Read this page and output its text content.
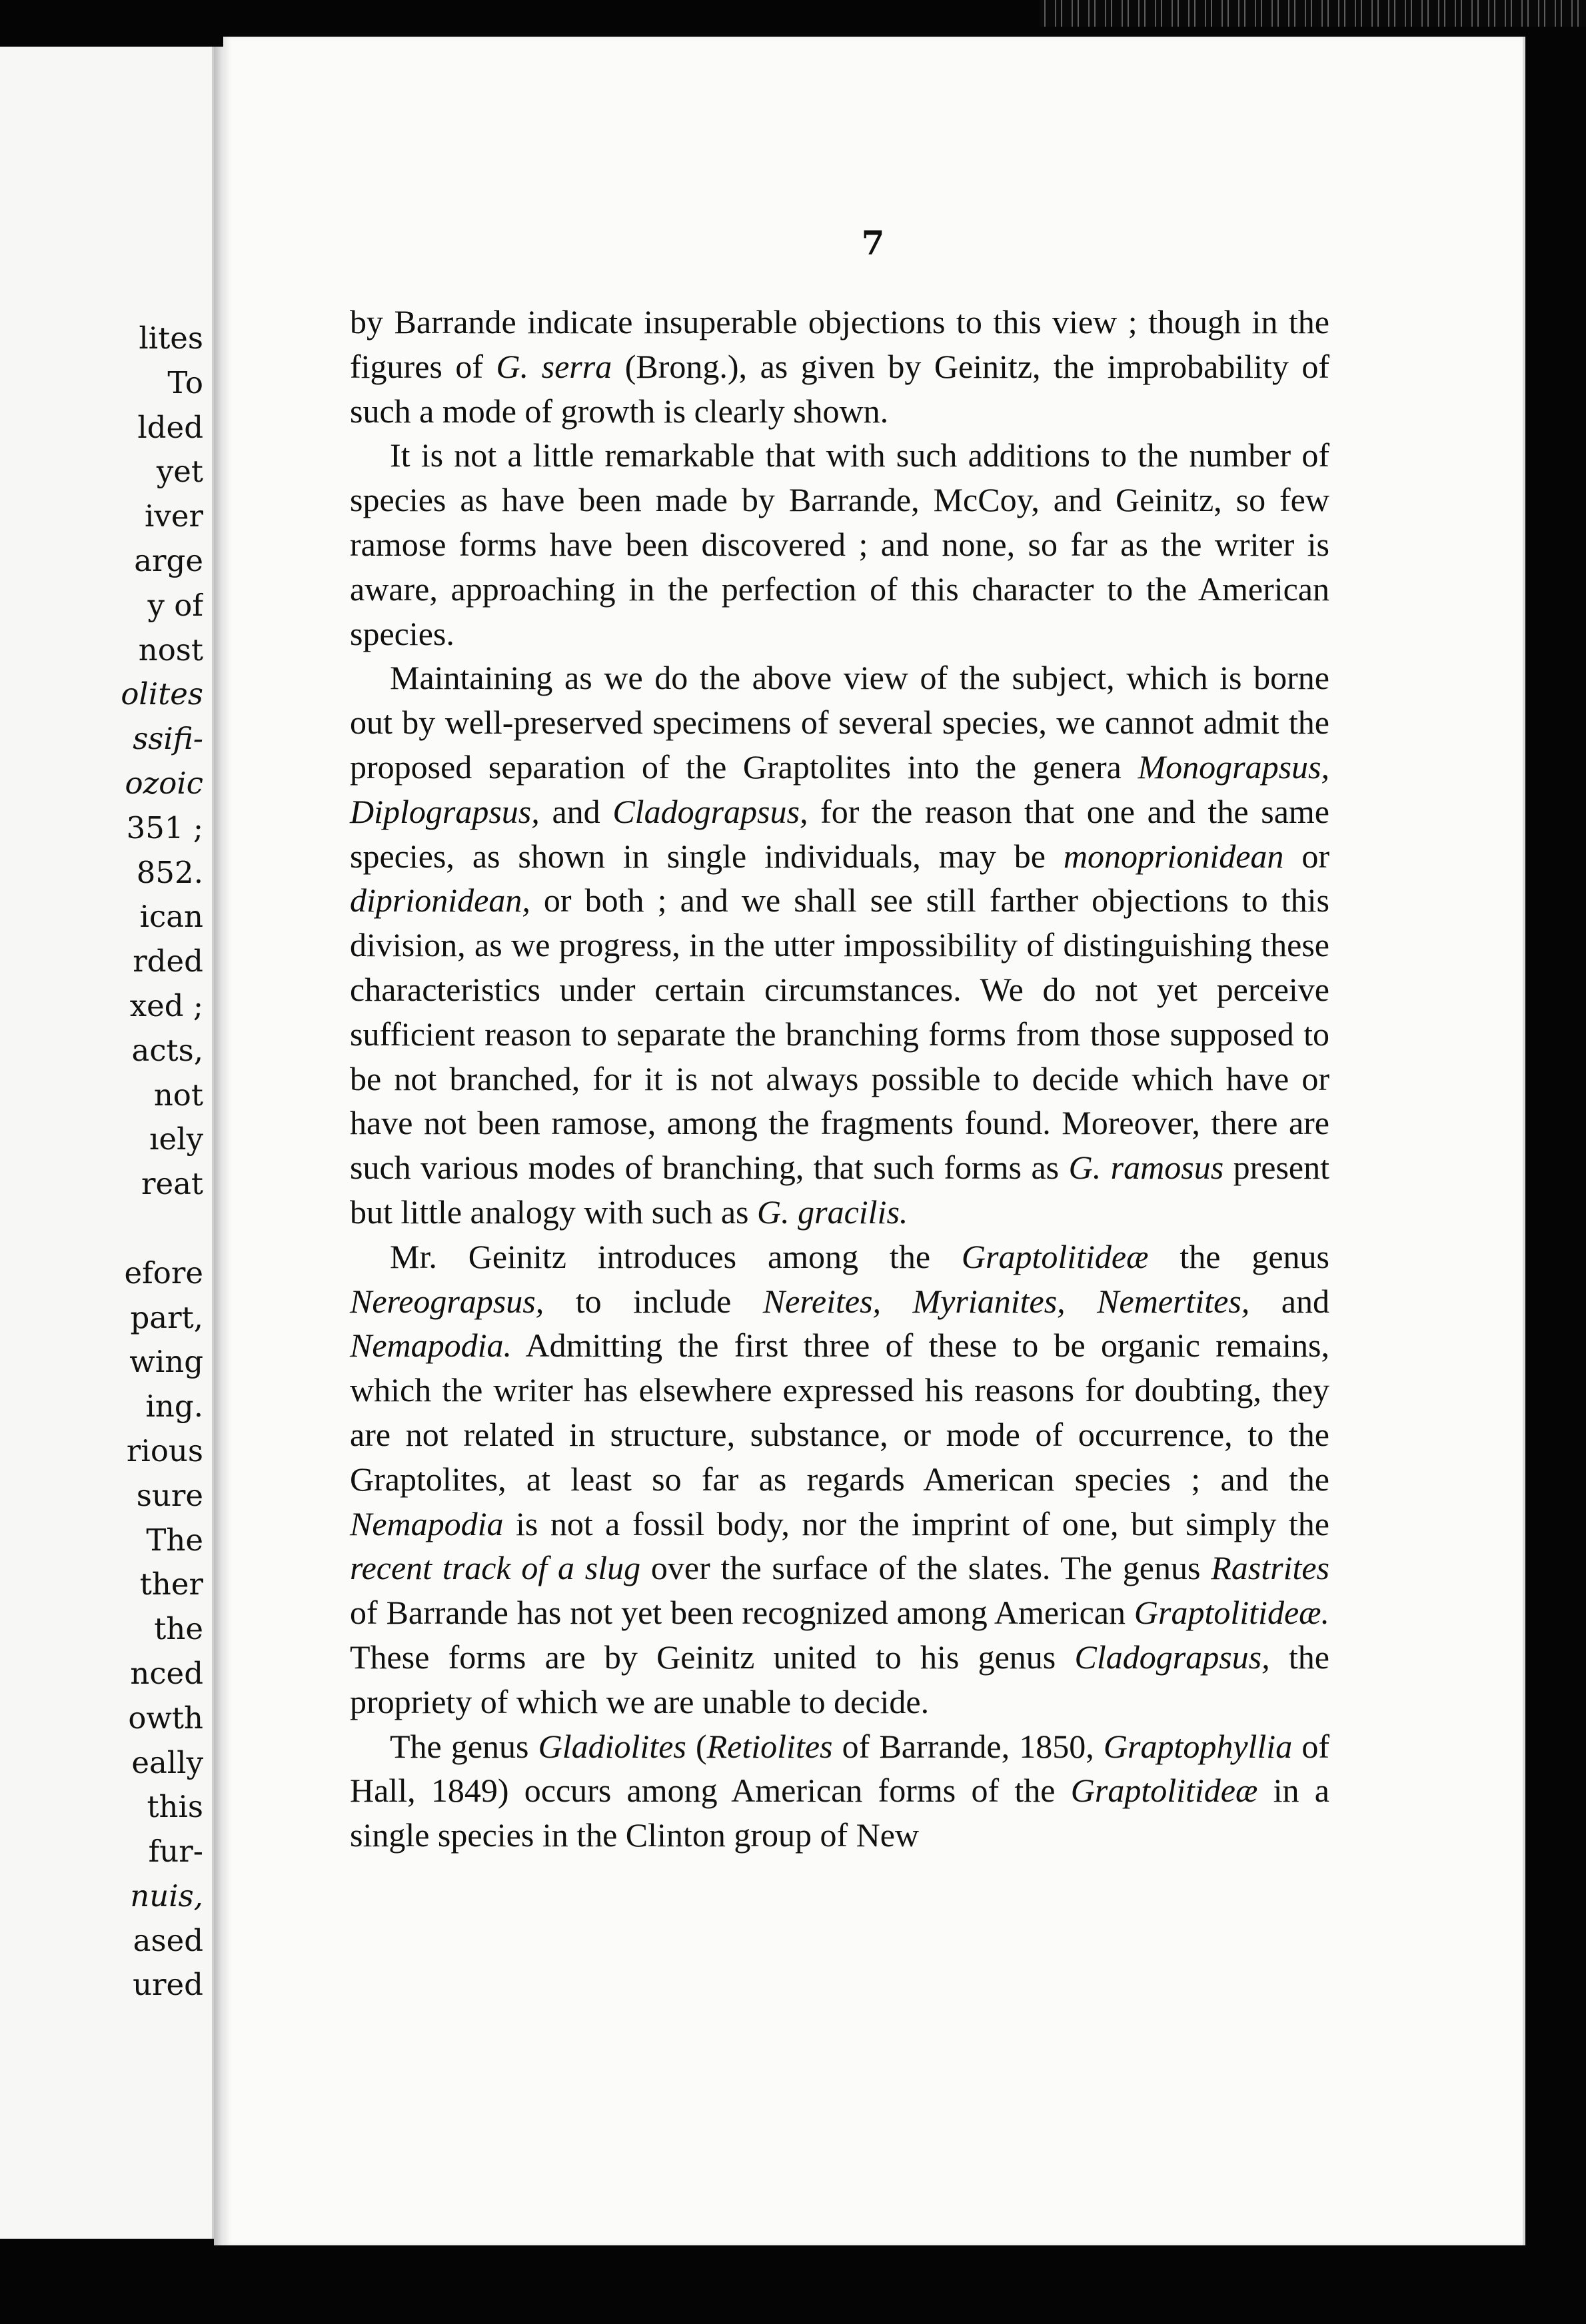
lites
To
lded
yet
iver
arge
y of
nost
olites
ssifi-
ozoic
351 ;
852.
ican
rded
xed ;
acts,
not
ıely
reat
efore
part,
wing
ing.
rious
sure
The
ther
the
nced
owth
eally
this
fur-
nuis,
ased
ured
7

by Barrande indicate insuperable objections to this view ; though in the figures of G. serra (Brong.), as given by Geinitz, the improbability of such a mode of growth is clearly shown.

It is not a little remarkable that with such additions to the number of species as have been made by Barrande, McCoy, and Geinitz, so few ramose forms have been discovered ; and none, so far as the writer is aware, approaching in the perfection of this character to the American species.

Maintaining as we do the above view of the subject, which is borne out by well-preserved specimens of several species, we cannot admit the proposed separation of the Graptolites into the genera Monograpsus, Diplograpsus, and Cladograpsus, for the reason that one and the same species, as shown in single individuals, may be monoprionidean or diprionidean, or both ; and we shall see still farther objections to this division, as we progress, in the utter impossibility of distinguishing these characteristics under certain circumstances. We do not yet perceive sufficient reason to separate the branching forms from those supposed to be not branched, for it is not always possible to decide which have or have not been ramose, among the fragments found. Moreover, there are such various modes of branching, that such forms as G. ramosus present but little analogy with such as G. gracilis.

Mr. Geinitz introduces among the Graptolitideæ the genus Nereograpsus, to include Nereites, Myrianites, Nemertites, and Nemapodia. Admitting the first three of these to be organic remains, which the writer has elsewhere expressed his reasons for doubting, they are not related in structure, substance, or mode of occurrence, to the Graptolites, at least so far as regards American species ; and the Nemapodia is not a fossil body, nor the imprint of one, but simply the recent track of a slug over the surface of the slates. The genus Rastrites of Barrande has not yet been recognized among American Graptolitideæ. These forms are by Geinitz united to his genus Cladograpsus, the propriety of which we are unable to decide.

The genus Gladiolites (Retiolites of Barrande, 1850, Graptophyllia of Hall, 1849) occurs among American forms of the Graptolitideæ in a single species in the Clinton group of New
